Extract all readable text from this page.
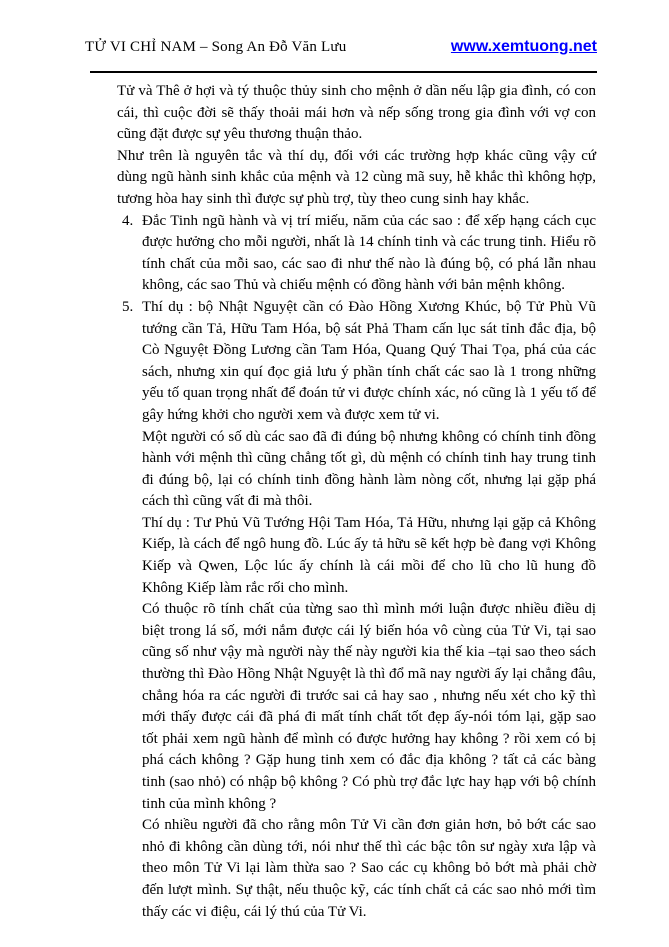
TỬ VI CHỈ NAM – Song An Đỗ Văn Lưu	www.xemtuong.net

Tử và Thê ở hợi và tý thuộc thủy sinh cho mệnh ở dần nếu lập gia đình, có con cái, thì cuộc đời sẽ thấy thoải mái hơn và nếp sống trong gia đình với vợ con cũng đặt được sự yêu thương thuận thảo.

Như trên là nguyên tắc và thí dụ, đối với các trường hợp khác cũng vậy cứ dùng ngũ hành sinh khắc của mệnh và 12 cùng mã suy, hễ khắc thì không hợp, tương hòa hay sinh thì được sự phù trợ, tùy theo cung sinh hay khắc.

4. Đắc Tinh ngũ hành và vị trí miếu, năm của các sao : để xếp hạng cách cục được hưởng cho mỗi người, nhất là 14 chính tinh và các trung tinh. Hiểu rõ tính chất của mỗi sao, các sao đi như thế nào là đúng bộ, có phá lẫn nhau không, các sao Thủ và chiếu mệnh có đồng hành với bản mệnh không.

5. Thí dụ : bộ Nhật Nguyệt cần có Đào Hồng Xương Khúc, bộ Tử Phù Vũ tướng cần Tả, Hữu Tam Hóa, bộ sát Phả Tham cấn lục sát tỉnh đắc địa, bộ Cò Nguyệt Đồng Lương cần Tam Hóa, Quang Quý Thai Tọa, phá của các sách, nhưng xin quí đọc giả lưu ý phần tính chất các sao là 1 trong những yếu tố quan trọng nhất để đoán tử vi được chính xác, nó cũng là 1 yếu tố để gây hứng khởi cho người xem và được xem tử vi.

Một người có số dù các sao đã đi đúng bộ nhưng không có chính tinh đồng hành với mệnh thì cũng chẳng tốt gì, dù mệnh có chính tinh hay trung tinh đi đúng bộ, lại có chính tinh đồng hành làm nòng cốt, nhưng lại gặp phá cách thì cũng vất đi mà thôi.

Thí dụ : Tư Phủ Vũ Tướng Hội Tam Hóa, Tả Hữu, nhưng lại gặp cả Không Kiếp, là cách để ngô hung đồ. Lúc ấy tả hữu sẽ kết hợp bè đang vợi Không Kiếp và Qwen, Lộc lúc ấy chính là cái mồi để cho lũ cho lũ hung đồ Không Kiếp làm rắc rối cho mình.

Có thuộc rõ tính chất của từng sao thì mình mới luận được nhiều điều dị biệt trong lá số, mới nắm được cái lý biến hóa vô cùng của Tử Vi, tại sao cũng số như vậy mà người này thế này người kia thế kia –tại sao theo sách thường thì Đào Hồng Nhật Nguyệt là thì đổ mã nay người ấy lại chẳng đâu, chẳng hóa ra các người đi trước sai cả hay sao , nhưng nếu xét cho kỹ thì mới thấy được cái đã phá đi mất tính chất tốt đẹp ấy-nói tóm lại, gặp sao tốt phải xem ngũ hành để mình có được hưởng hay không ? rồi xem có bị phá cách không ? Gặp hung tinh xem có đắc địa không ? tất cả các bàng tinh (sao nhỏ) có nhập bộ không ? Có phù trợ đắc lực hay hạp với bộ chính tinh của mình không ?

Có nhiều người đã cho rằng môn Tử Vi cần đơn giản hơn, bỏ bớt các sao nhỏ đi không cần dùng tới, nói như thế thì các bậc tôn sư ngày xưa lập và theo môn Tử Vi lại làm thừa sao ? Sao các cụ không bỏ bớt mà phải chờ đến lượt mình. Sự thật, nếu thuộc kỹ, các tính chất cả các sao nhỏ mới tìm thấy các vi điệu, cái lý thú của Tử Vi.
